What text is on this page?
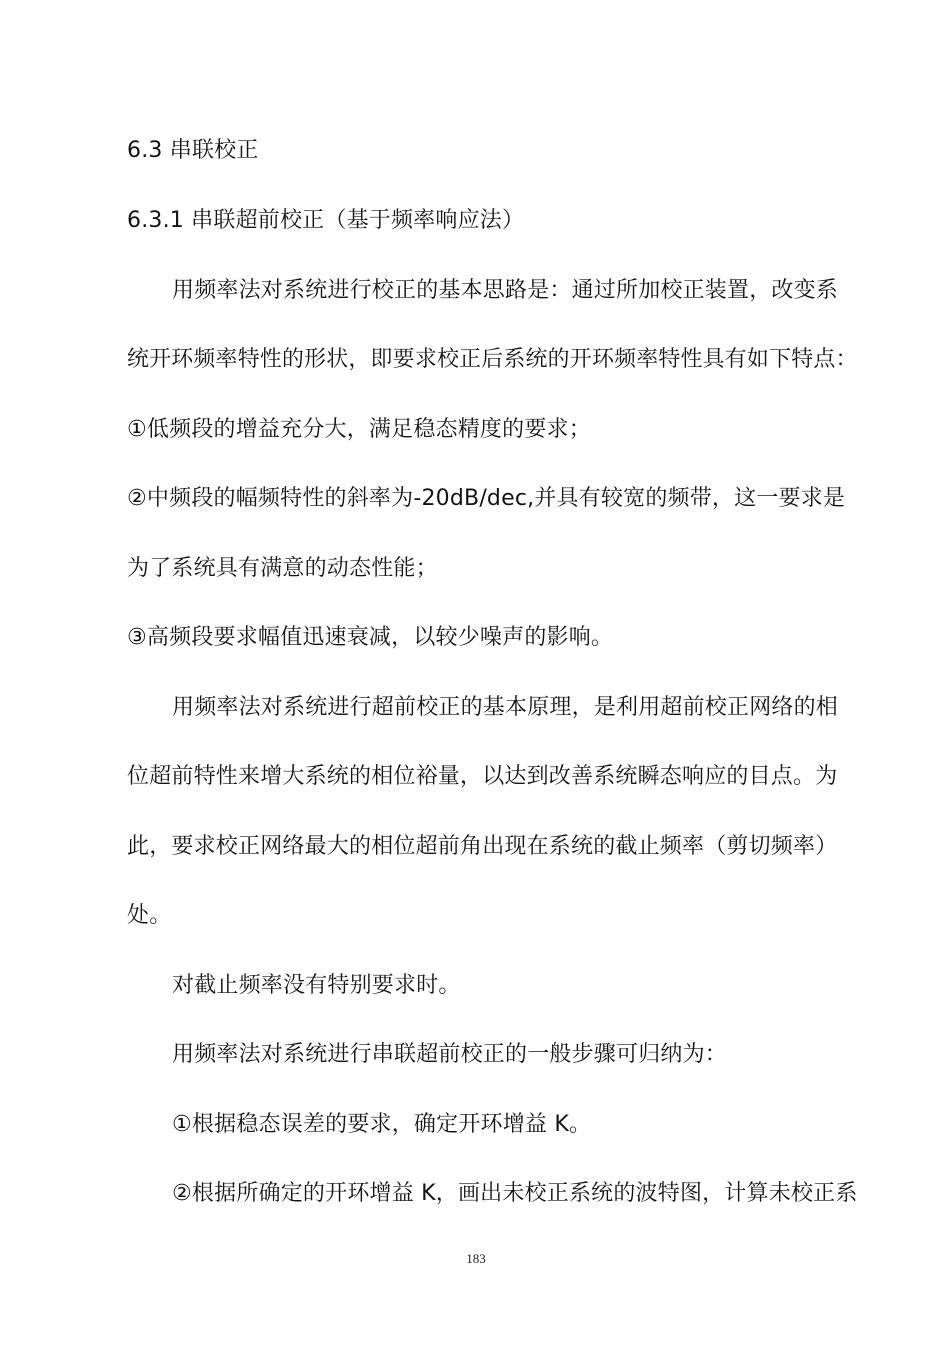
6.3 串联校正
6.3.1 串联超前校正（基于频率响应法）
用频率法对系统进行校正的基本思路是：通过所加校正装置，改变系
统开环频率特性的形状，即要求校正后系统的开环频率特性具有如下特点：
①低频段的增益充分大，满足稳态精度的要求；
②中频段的幅频特性的斜率为-20dB/dec,并具有较宽的频带，这一要求是
为了系统具有满意的动态性能；
③高频段要求幅值迅速衰减，以较少噪声的影响。
用频率法对系统进行超前校正的基本原理，是利用超前校正网络的相
位超前特性来增大系统的相位裕量，以达到改善系统瞬态响应的目点。为
此，要求校正网络最大的相位超前角出现在系统的截止频率（剪切频率）
处。
对截止频率没有特别要求时。
用频率法对系统进行串联超前校正的一般步骤可归纳为：
①根据稳态误差的要求，确定开环增益 K。
②根据所确定的开环增益 K，画出未校正系统的波特图，计算未校正系
183
